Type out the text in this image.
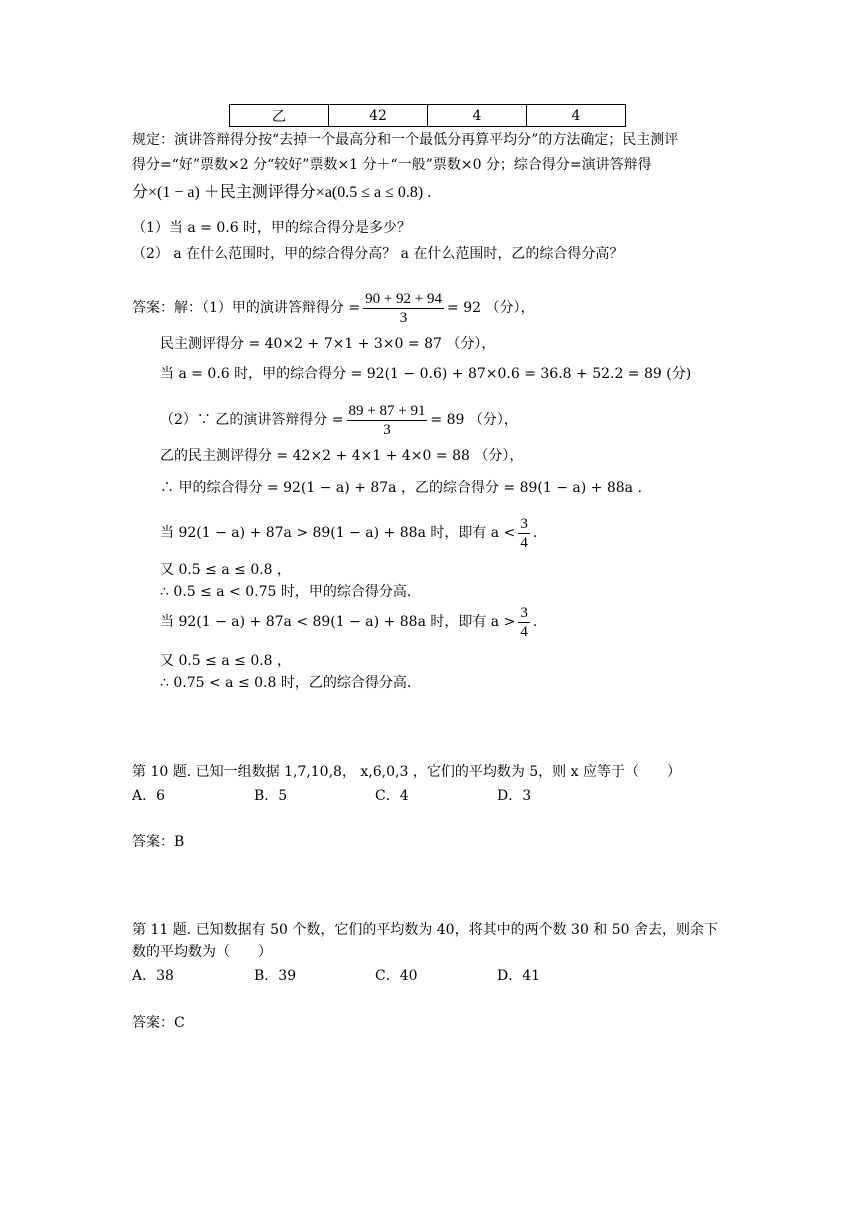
乙	42	4	4
规定：演讲答辩得分按“去掉一个最高分和一个最低分再算平均分”的方法确定；民主测评
得分=“好”票数×2 分“较好”票数×1 分＋“一般”票数×0 分；综合得分=演讲答辩得
分×(1 − a) ＋民主测评得分×a(0.5 ≤ a ≤ 0.8) .
（1）当 a = 0.6 时，甲的综合得分是多少？
（2） a 在什么范围时，甲的综合得分高？ a 在什么范围时，乙的综合得分高？
答案：解：（1）甲的演讲答辩得分 = $\frac{90 + 92 + 94}{3} = 92$ （分），
民主测评得分 = 40×2 + 7×1 + 3×0 = 87 （分），
当 a = 0.6 时，甲的综合得分 = 92(1 − 0.6) + 87×0.6 = 36.8 + 52.2 = 89 (分)
（2）∵ 乙的演讲答辩得分 = $\frac{89 + 87 + 91}{3} = 89$ （分），
乙的民主测评得分 = 42×2 + 4×1 + 4×0 = 88 （分），
∴ 甲的综合得分 = 92(1 − a) + 87a ，乙的综合得分 = 89(1 − a) + 88a .
当 92(1 − a) + 87a > 89(1 − a) + 88a 时，即有 $a < \frac{3}{4}$ .
又 0.5 ≤ a ≤ 0.8 ，
∴ 0.5 ≤ a < 0.75 时，甲的综合得分高.
当 92(1 − a) + 87a < 89(1 − a) + 88a 时，即有 $a > \frac{3}{4}$ .
又 0.5 ≤ a ≤ 0.8 ，
∴ 0.75 < a ≤ 0.8 时，乙的综合得分高.
第 10 题. 已知一组数据 1,7,10,8， x,6,0,3 ，它们的平均数为 5，则 x 应等于（　　）
A．6	B．5	C．4	D．3
答案：B
第 11 题. 已知数据有 50 个数，它们的平均数为 40，将其中的两个数 30 和 50 舍去，则余下
数的平均数为（　　）
A．38	B．39	C．40	D．41
答案：C
